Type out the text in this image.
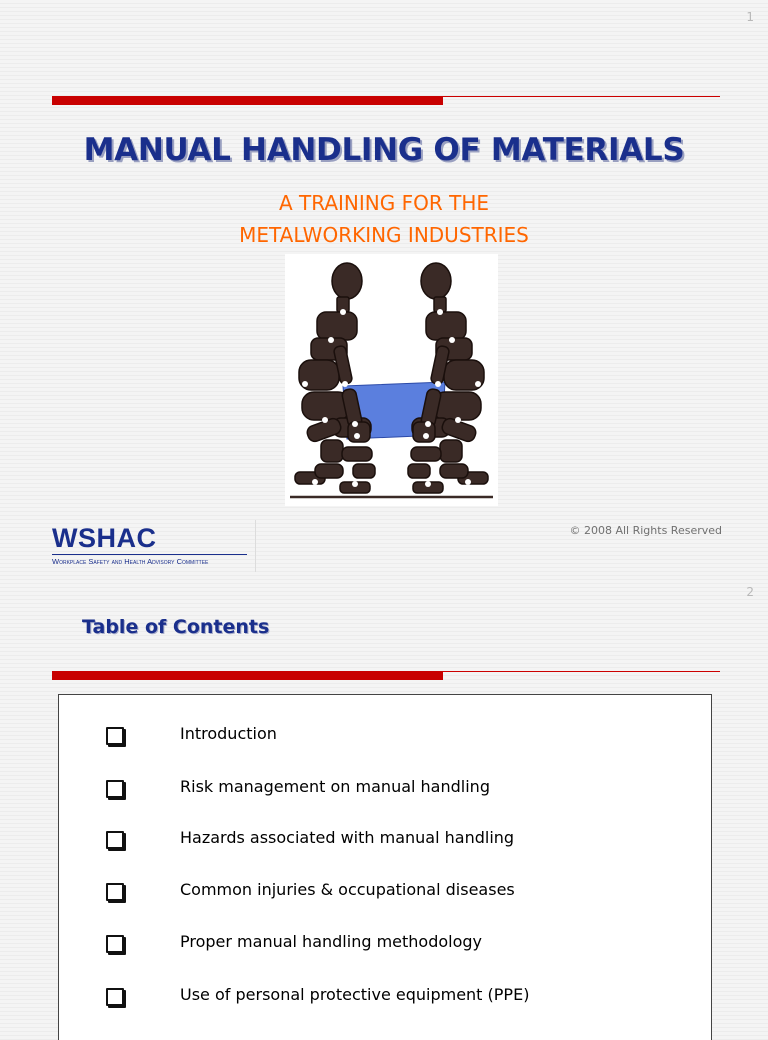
1
MANUAL HANDLING OF MATERIALS
A TRAINING FOR THE
METALWORKING INDUSTRIES
WSHAC
Workplace Safety and Health Advisory Committee
© 2008 All Rights Reserved
2
Table of Contents
Introduction
Risk management on manual handling
Hazards associated with manual handling
Common injuries & occupational diseases
Proper manual handling methodology
Use of personal protective equipment (PPE)
